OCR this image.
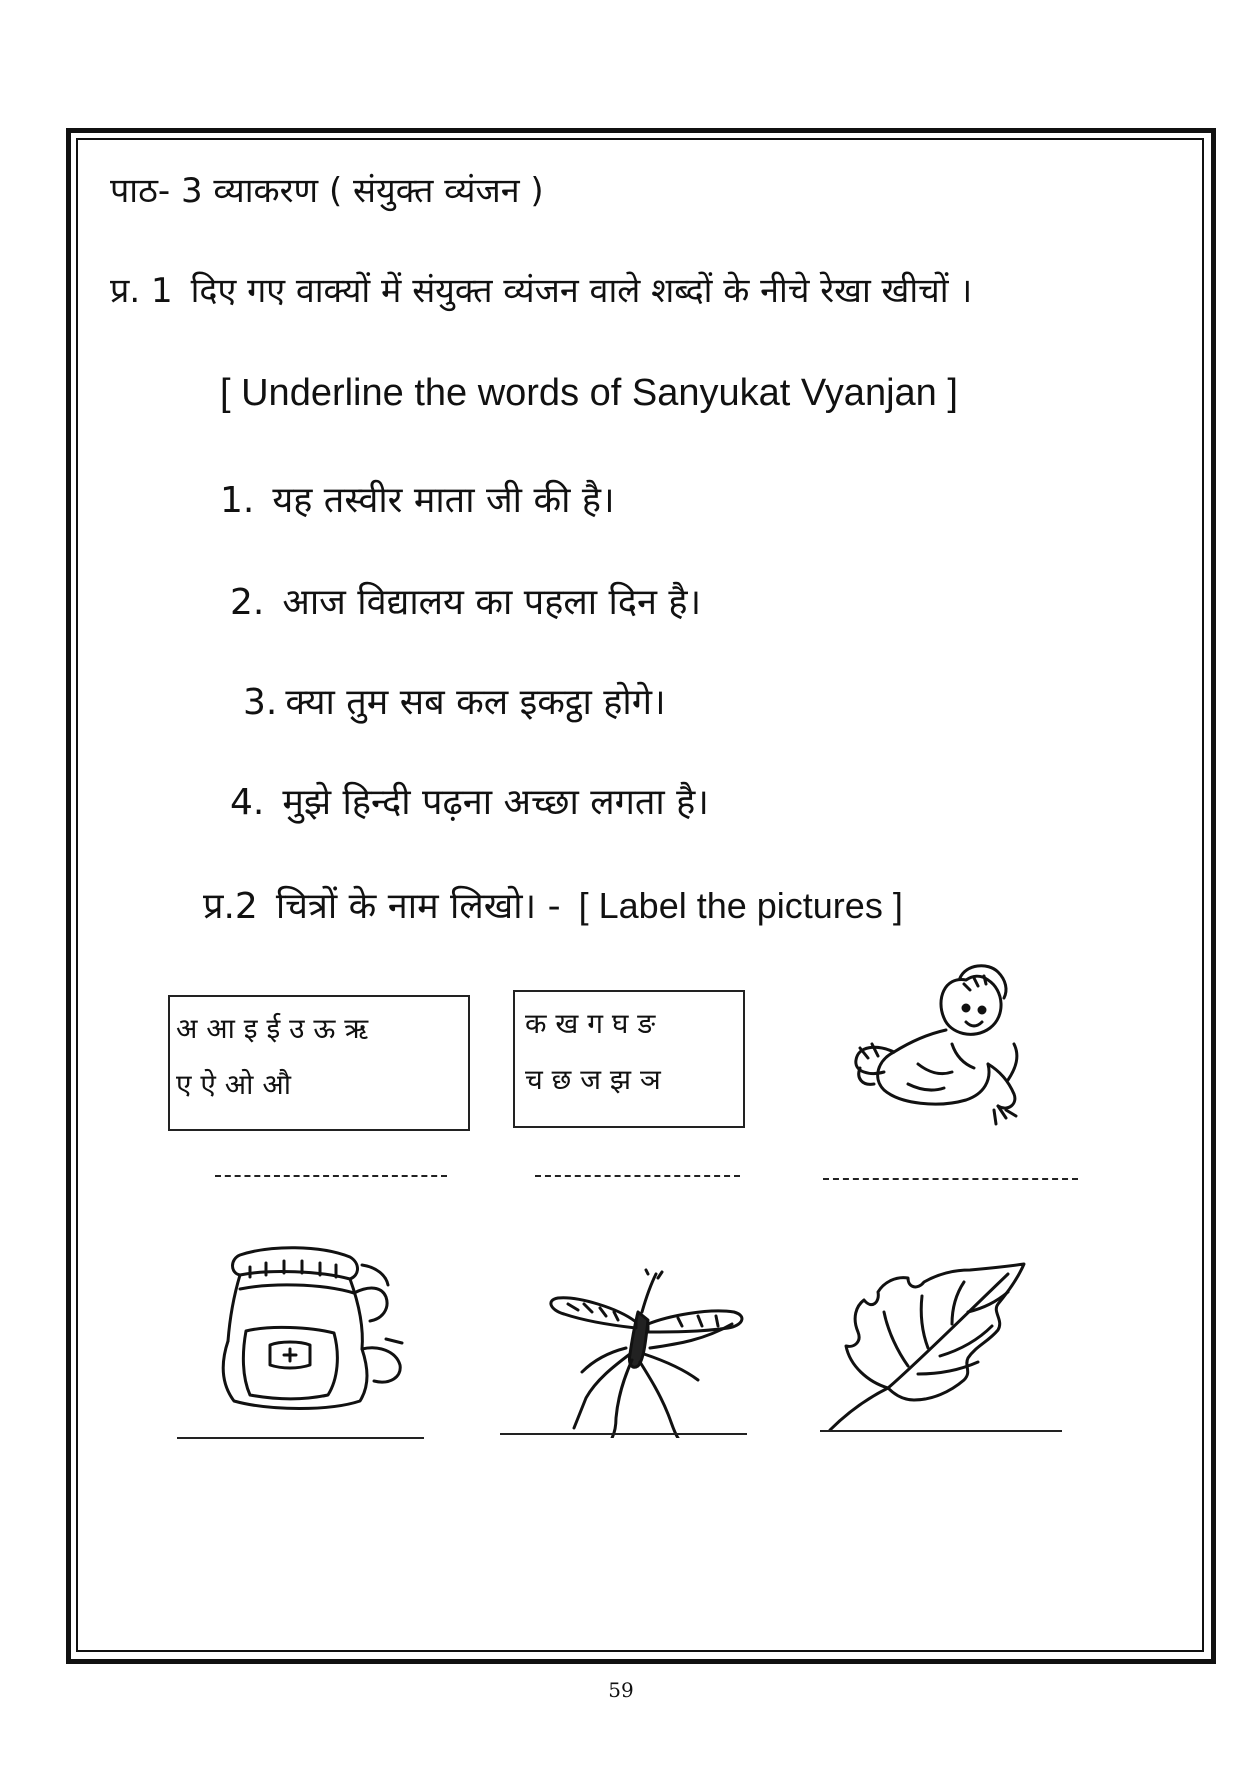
पाठ- 3 व्याकरण ( संयुक्त व्यंजन )
प्र. 1 दिए गए वाक्यों में संयुक्त व्यंजन वाले शब्दों के नीचे रेखा खीचों ।
[ Underline the words of Sanyukat Vyanjan ]
1. यह तस्वीर माता जी की है।
2. आज विद्यालय का पहला दिन है।
3. क्या तुम सब कल इकट्ठा होगे।
4. मुझे हिन्दी पढ़ना अच्छा लगता है।
प्र.2 चित्रों के नाम लिखो। - [ Label the pictures ]
अ आ इ ई उ ऊ ऋ
ए ऐ ओ औ
क ख ग घ ङ
च छ ज झ ञ
59
